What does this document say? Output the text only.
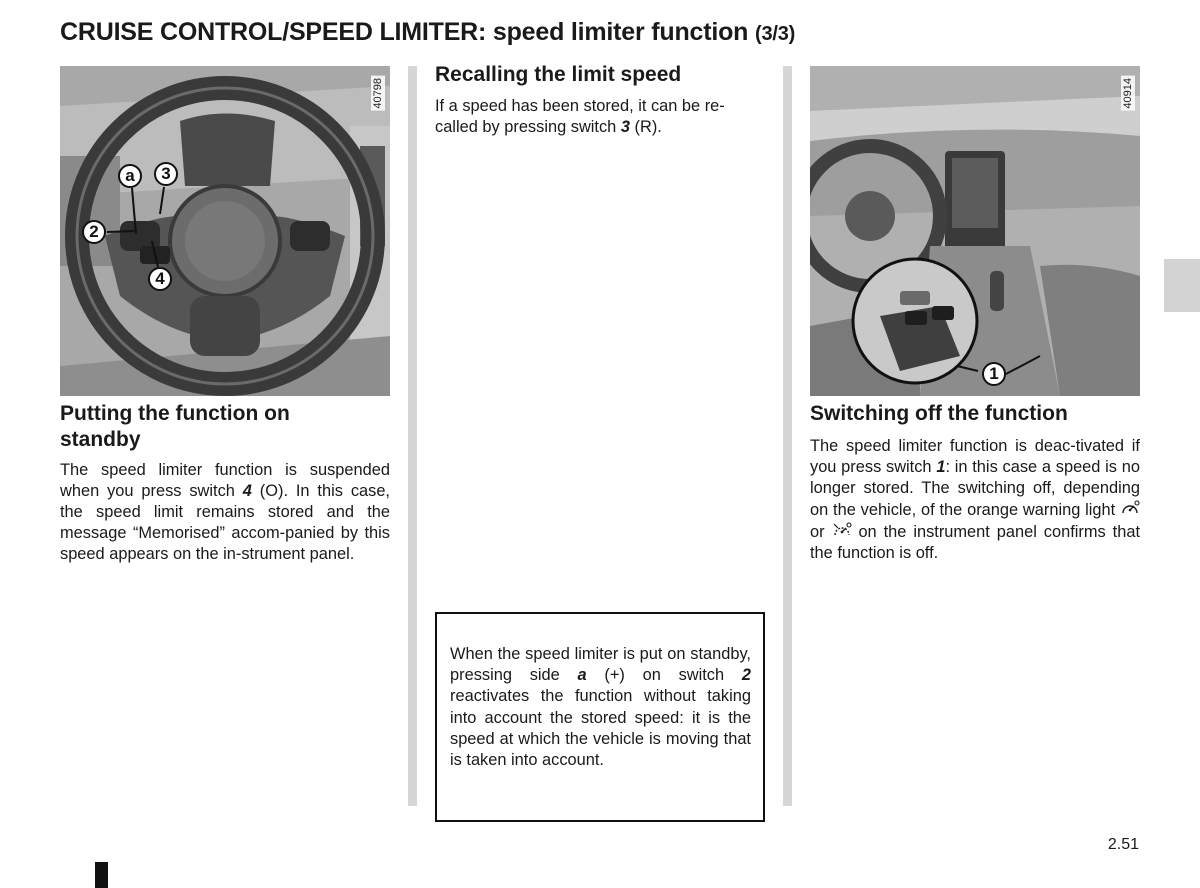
CRUISE CONTROL/SPEED LIMITER: speed limiter function (3/3)
40798
a 3
2
4
Putting the function on standby

The speed limiter function is suspended when you press switch 4 (O). In this case, the speed limit remains stored and the message “Memorised” accom-panied by this speed appears on the in-strument panel.

Recalling the limit speed

If a speed has been stored, it can be re-called by pressing switch 3 (R).

When the speed limiter is put on standby, pressing side a (+) on switch 2 reactivates the function without taking into account the stored speed: it is the speed at which the vehicle is moving that is taken into account.

40914
1
Switching off the function

The speed limiter function is deac-tivated if you press switch 1: in this case a speed is no longer stored. The switching off, depending on the vehicle, of the orange warning light  or  on the instrument panel confirms that the function is off.

2.51
